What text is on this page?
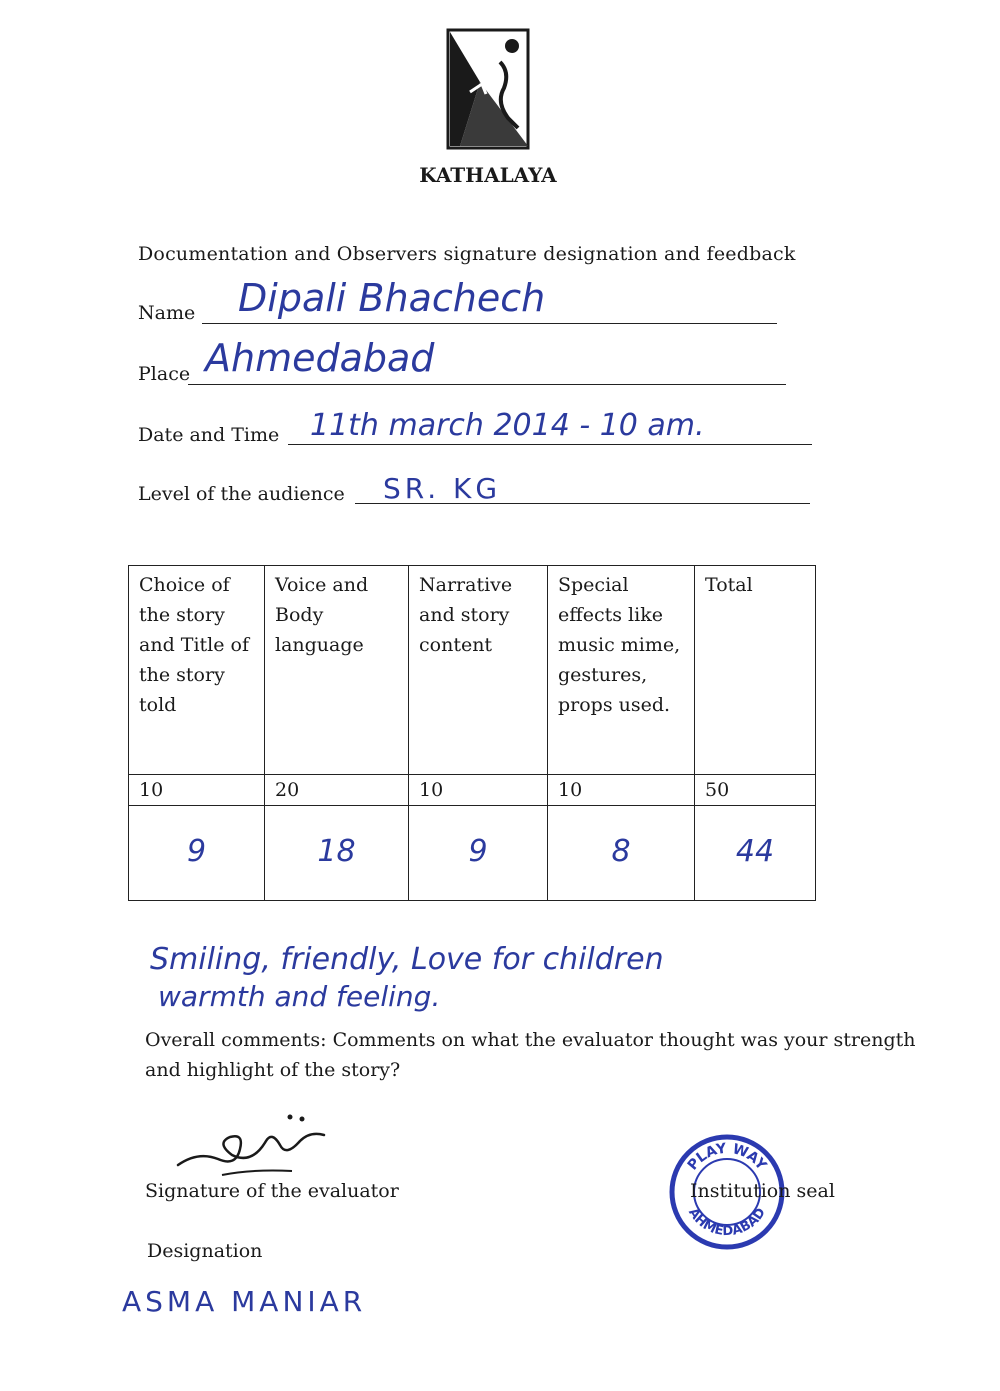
KATHALAYA
Documentation and Observers signature designation and feedback
Name Dipali Bhachech
Place Ahmedabad
Date and Time 11th march 2014 - 10 am.
Level of the audience SR. KG
Choice of the story and Title of the story told	Voice and Body language	Narrative and story content	Special effects like music mime, gestures, props used.	Total
10	20	10	10	50
9	18	9	8	44
Smiling, friendly, Love for children
warmth and feeling.
Overall comments: Comments on what the evaluator thought was your strength
and highlight of the story?
Signature of the evaluator
PLAY WAY
AHMEDABAD
Institution seal
Designation
ASMA MANIAR
